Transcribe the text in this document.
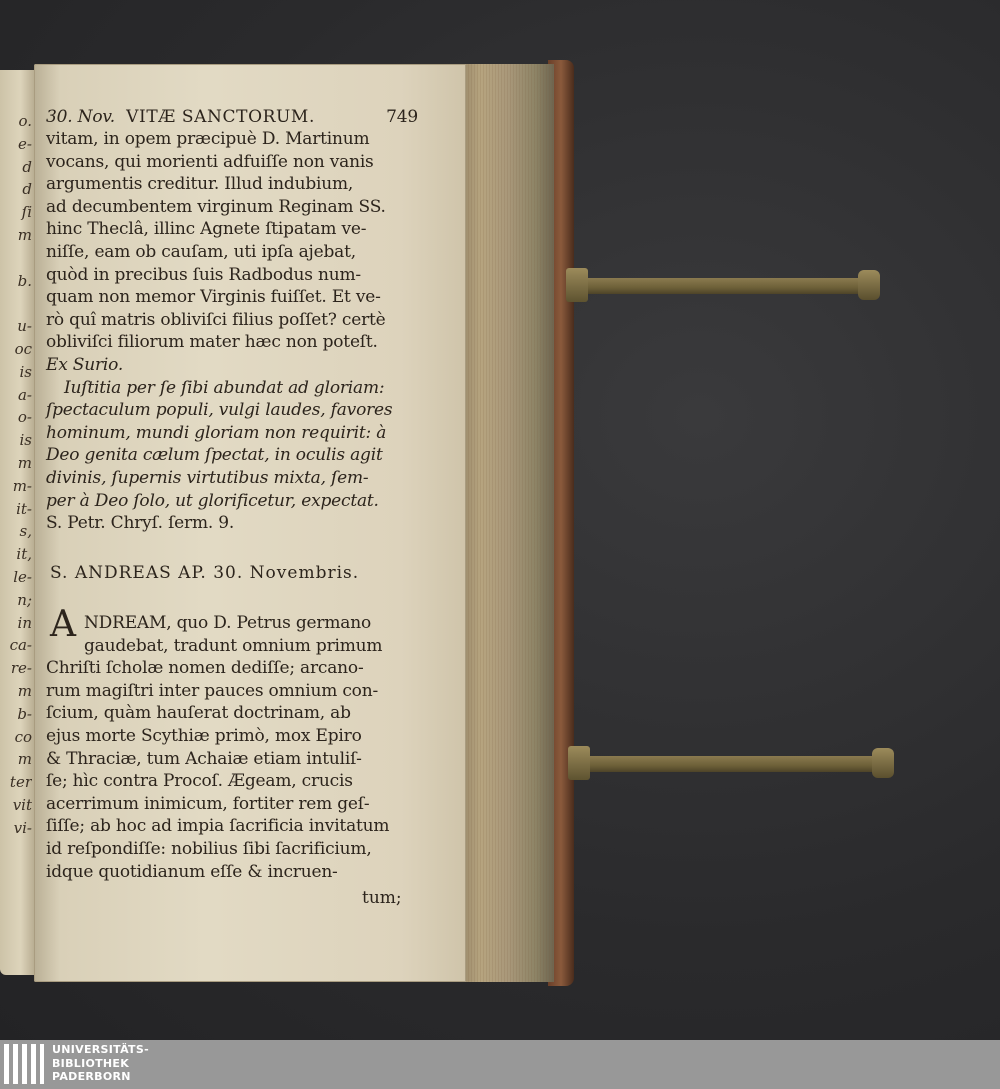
o.
e-
d
d
ſi
m
b.
u-
oc
is
a-
o-
is
m
m-
it-
s,
it,
le-
n;
in
ca-
re-
m
b-
co
m
ter
vit
vi-
30. Nov. VITÆ SANCTORUM.	749
vitam, in opem præcipuè D. Martinum
vocans, qui morienti adfuiſſe non vanis
argumentis creditur. Illud indubium,
ad decumbentem virginum Reginam SS.
hinc Theclâ, illinc Agnete ſtipatam ve-
niſſe, eam ob cauſam, uti ipſa ajebat,
quòd in precibus ſuis Radbodus num-
quam non memor Virginis fuiſſet. Et ve-
rò quî matris obliviſci filius poſſet? certè
obliviſci filiorum mater hæc non poteſt.
Ex Surio.
Iuſtitia per ſe ſibi abundat ad gloriam:
ſpectaculum populi, vulgi laudes, favores
hominum, mundi gloriam non requirit: à
Deo genita cælum ſpectat, in oculis agit
divinis, ſupernis virtutibus mixta, ſem-
per à Deo ſolo, ut glorificetur, expectat.
S. Petr. Chryſ. ſerm. 9.
S. ANDREAS AP. 30. Novembris.
A NDREAM, quo D. Petrus germano
gaudebat, tradunt omnium primum
Chriſti ſcholæ nomen dediſſe; arcano-
rum magiſtri inter pauces omnium con-
ſcium, quàm hauſerat doctrinam, ab
ejus morte Scythiæ primò, mox Epiro
& Thraciæ, tum Achaiæ etiam intuliſ-
ſe; hìc contra Procoſ. Ægeam, crucis
acerrimum inimicum, fortiter rem geſ-
ſiſſe; ab hoc ad impia ſacrificia invitatum
id reſpondiſſe: nobilius ſibi ſacrificium,
idque quotidianum eſſe & incruen-
tum;
UNIVERSITÄTS-
BIBLIOTHEK
PADERBORN
